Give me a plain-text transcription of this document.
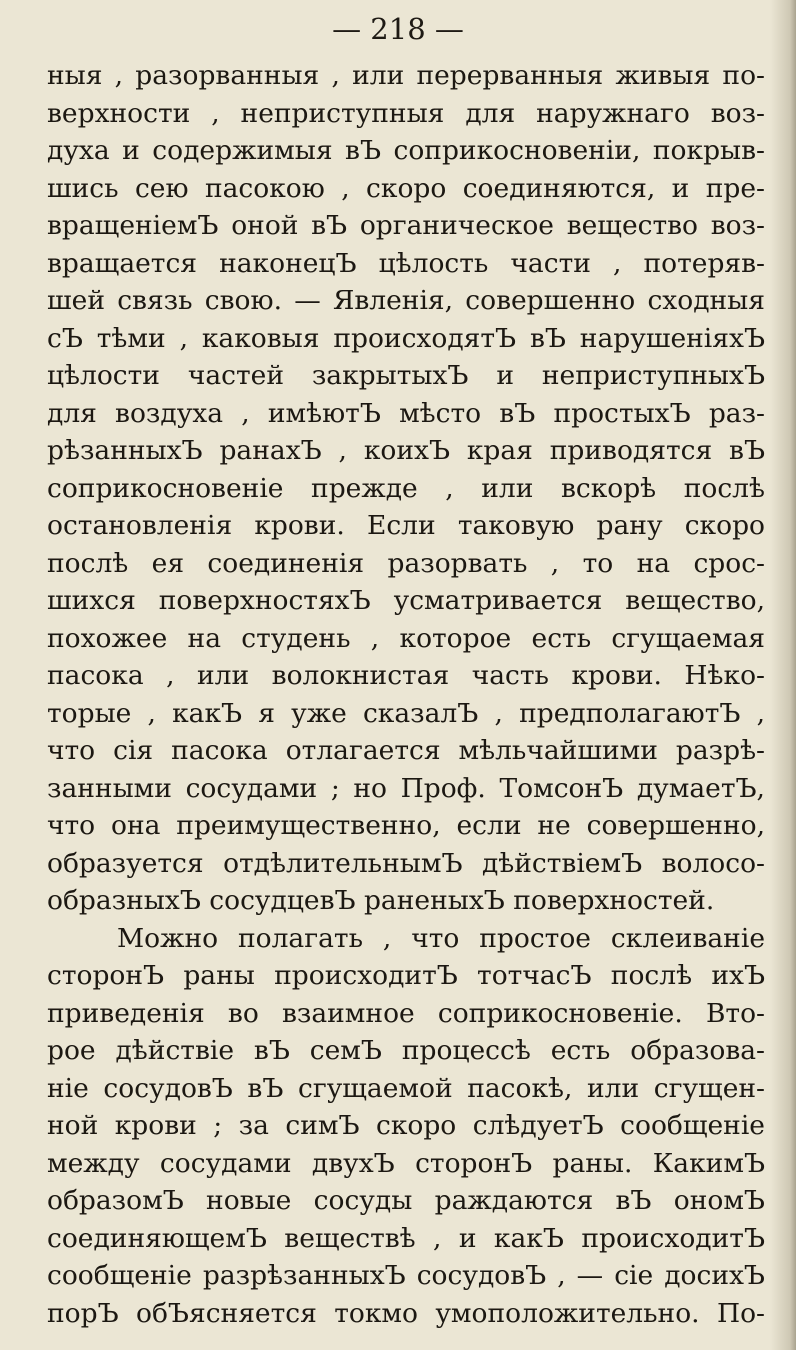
— 218 —
ныя , разорванныя , или перерванныя живыя по-
верхности , неприступныя для наружнаго воз-
духа и содержимыя вЪ соприкосновенiи, покрыв-
шись сею пасокою , скоро соединяются, и пре-
вращенiемЪ оной вЪ органическое вещество воз-
вращается наконецЪ цѣлость части , потеряв-
шей связь свою. — Явленiя, совершенно сходныя
сЪ тѣми , каковыя происходятЪ вЪ нарушенiяхЪ
цѣлости частей закрытыхЪ и неприступныхЪ
для воздуха , имѣютЪ мѣсто вЪ простыхЪ раз-
рѣзанныхЪ ранахЪ , коихЪ края приводятся вЪ
соприкосновенiе прежде , или вскорѣ послѣ
остановленiя крови. Если таковую рану скоро
послѣ ея соединенiя разорвать , то на срос-
шихся поверхностяхЪ усматривается вещество,
похожее на студень , которое есть сгущаемая
пасока , или волокнистая часть крови. Нѣко-
торые , какЪ я уже сказалЪ , предполагаютЪ ,
что сiя пасока отлагается мѣльчайшими разрѣ-
занными сосудами ; но Проф. ТомсонЪ думаетЪ,
что она преимущественно, если не совершенно,
образуется отдѣлительнымЪ дѣйствiемЪ волосо-
образныхЪ сосудцевЪ раненыхЪ поверхностей.
Можно полагать , что простое склеиванiе
сторонЪ раны происходитЪ тотчасЪ послѣ ихЪ
приведенiя во взаимное соприкосновенiе. Вто-
рое дѣйствiе вЪ семЪ процессѣ есть образова-
нiе сосудовЪ вЪ сгущаемой пасокѣ, или сгущен-
ной крови ; за симЪ скоро слѣдуетЪ сообщенiе
между сосудами двухЪ сторонЪ раны. КакимЪ
образомЪ новые сосуды раждаются вЪ ономЪ
соединяющемЪ веществѣ , и какЪ происходитЪ
сообщенiе разрѣзанныхЪ сосудовЪ , — сiе досихЪ
порЪ обЪясняется токмо умоположительно. По-
